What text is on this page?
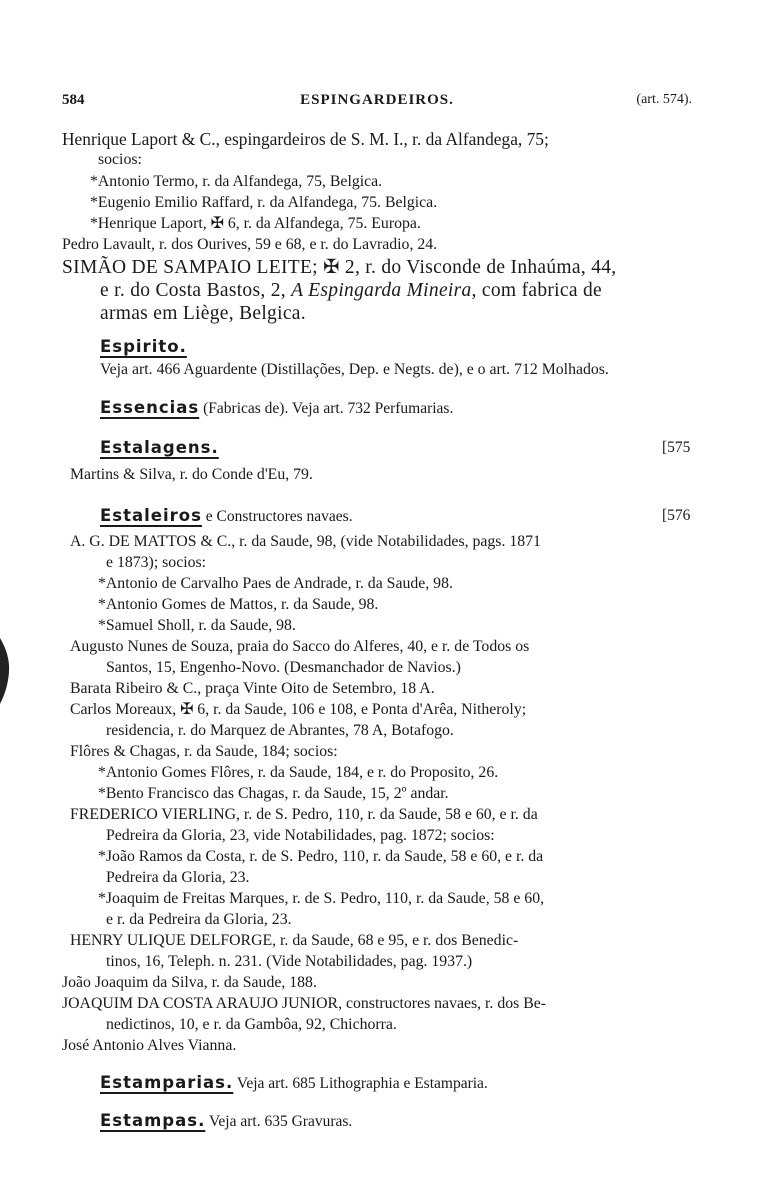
584	ESPINGARDEIROS.	(art. 574).
Henrique Laport & C., espingardeiros de S. M. I., r. da Alfandega, 75;
socios:
*Antonio Termo, r. da Alfandega, 75, Belgica.
*Eugenio Emilio Raffard, r. da Alfandega, 75. Belgica.
*Henrique Laport, ✠ 6, r. da Alfandega, 75. Europa.
Pedro Lavault, r. dos Ourives, 59 e 68, e r. do Lavradio, 24.
SIMÃO DE SAMPAIO LEITE; ✠ 2, r. do Visconde de Inhaúma, 44,
e r. do Costa Bastos, 2, A Espingarda Mineira, com fabrica de
armas em Liège, Belgica.
Espirito.
Veja art. 466 Aguardente (Distillações, Dep. e Negts. de), e o art. 712 Molhados.
Essencias (Fabricas de). Veja art. 732 Perfumarias.
Estalagens.	[575
Martins & Silva, r. do Conde d'Eu, 79.
Estaleiros e Constructores navaes.	[576
A. G. DE MATTOS & C., r. da Saude, 98, (vide Notabilidades, pags. 1871
e 1873); socios:
*Antonio de Carvalho Paes de Andrade, r. da Saude, 98.
*Antonio Gomes de Mattos, r. da Saude, 98.
*Samuel Sholl, r. da Saude, 98.
Augusto Nunes de Souza, praia do Sacco do Alferes, 40, e r. de Todos os
Santos, 15, Engenho-Novo. (Desmanchador de Navios.)
Barata Ribeiro & C., praça Vinte Oito de Setembro, 18 A.
Carlos Moreaux, ✠ 6, r. da Saude, 106 e 108, e Ponta d'Arêa, Nitheroly;
residencia, r. do Marquez de Abrantes, 78 A, Botafogo.
Flôres & Chagas, r. da Saude, 184; socios:
*Antonio Gomes Flôres, r. da Saude, 184, e r. do Proposito, 26.
*Bento Francisco das Chagas, r. da Saude, 15, 2º andar.
FREDERICO VIERLING, r. de S. Pedro, 110, r. da Saude, 58 e 60, e r. da
Pedreira da Gloria, 23, vide Notabilidades, pag. 1872; socios:
*João Ramos da Costa, r. de S. Pedro, 110, r. da Saude, 58 e 60, e r. da
Pedreira da Gloria, 23.
*Joaquim de Freitas Marques, r. de S. Pedro, 110, r. da Saude, 58 e 60,
e r. da Pedreira da Gloria, 23.
HENRY ULIQUE DELFORGE, r. da Saude, 68 e 95, e r. dos Benedic-
tinos, 16, Teleph. n. 231. (Vide Notabilidades, pag. 1937.)
João Joaquim da Silva, r. da Saude, 188.
JOAQUIM DA COSTA ARAUJO JUNIOR, constructores navaes, r. dos Be-
nedictinos, 10, e r. da Gambôa, 92, Chichorra.
José Antonio Alves Vianna.
Estamparias. Veja art. 685 Lithographia e Estamparia.
Estampas. Veja art. 635 Gravuras.
